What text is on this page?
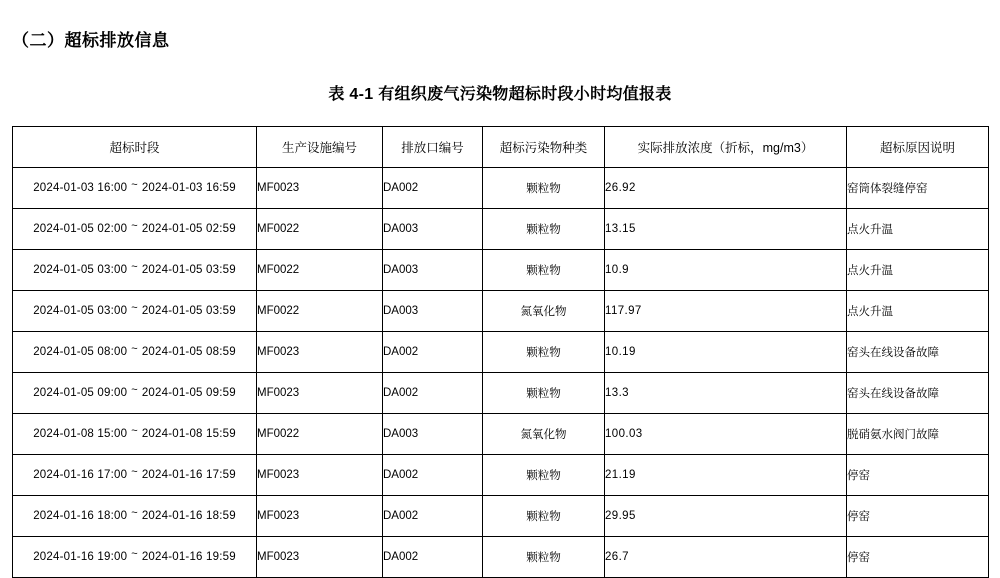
（二）超标排放信息
表 4-1 有组织废气污染物超标时段小时均值报表
超标时段	生产设施编号	排放口编号	超标污染物种类	实际排放浓度（折标，mg/m3）	超标原因说明
2024-01-03 16:00 ~ 2024-01-03 16:59	MF0023	DA002	颗粒物	26.92	窑筒体裂缝停窑
2024-01-05 02:00 ~ 2024-01-05 02:59	MF0022	DA003	颗粒物	13.15	点火升温
2024-01-05 03:00 ~ 2024-01-05 03:59	MF0022	DA003	颗粒物	10.9	点火升温
2024-01-05 03:00 ~ 2024-01-05 03:59	MF0022	DA003	氮氧化物	117.97	点火升温
2024-01-05 08:00 ~ 2024-01-05 08:59	MF0023	DA002	颗粒物	10.19	窑头在线设备故障
2024-01-05 09:00 ~ 2024-01-05 09:59	MF0023	DA002	颗粒物	13.3	窑头在线设备故障
2024-01-08 15:00 ~ 2024-01-08 15:59	MF0022	DA003	氮氧化物	100.03	脱硝氨水阀门故障
2024-01-16 17:00 ~ 2024-01-16 17:59	MF0023	DA002	颗粒物	21.19	停窑
2024-01-16 18:00 ~ 2024-01-16 18:59	MF0023	DA002	颗粒物	29.95	停窑
2024-01-16 19:00 ~ 2024-01-16 19:59	MF0023	DA002	颗粒物	26.7	停窑
